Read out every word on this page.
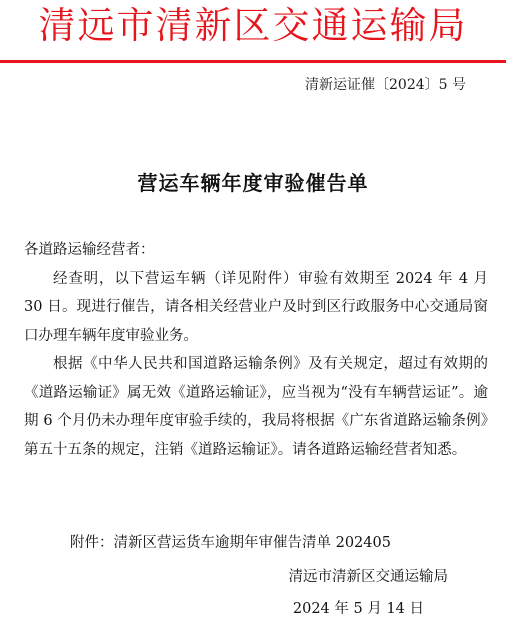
清远市清新区交通运输局
清新运证催〔2024〕5 号
营运车辆年度审验催告单

各道路运输经营者：

经查明，以下营运车辆（详见附件）审验有效期至 2024 年 4 月 30 日。现进行催告，请各相关经营业户及时到区行政服务中心交通局窗口办理车辆年度审验业务。

根据《中华人民共和国道路运输条例》及有关规定，超过有效期的《道路运输证》属无效《道路运输证》，应当视为“没有车辆营运证”。逾期 6 个月仍未办理年度审验手续的，我局将根据《广东省道路运输条例》第五十五条的规定，注销《道路运输证》。请各道路运输经营者知悉。

附件：清新区营运货车逾期年审催告清单 202405
清远市清新区交通运输局
2024 年 5 月 14 日
